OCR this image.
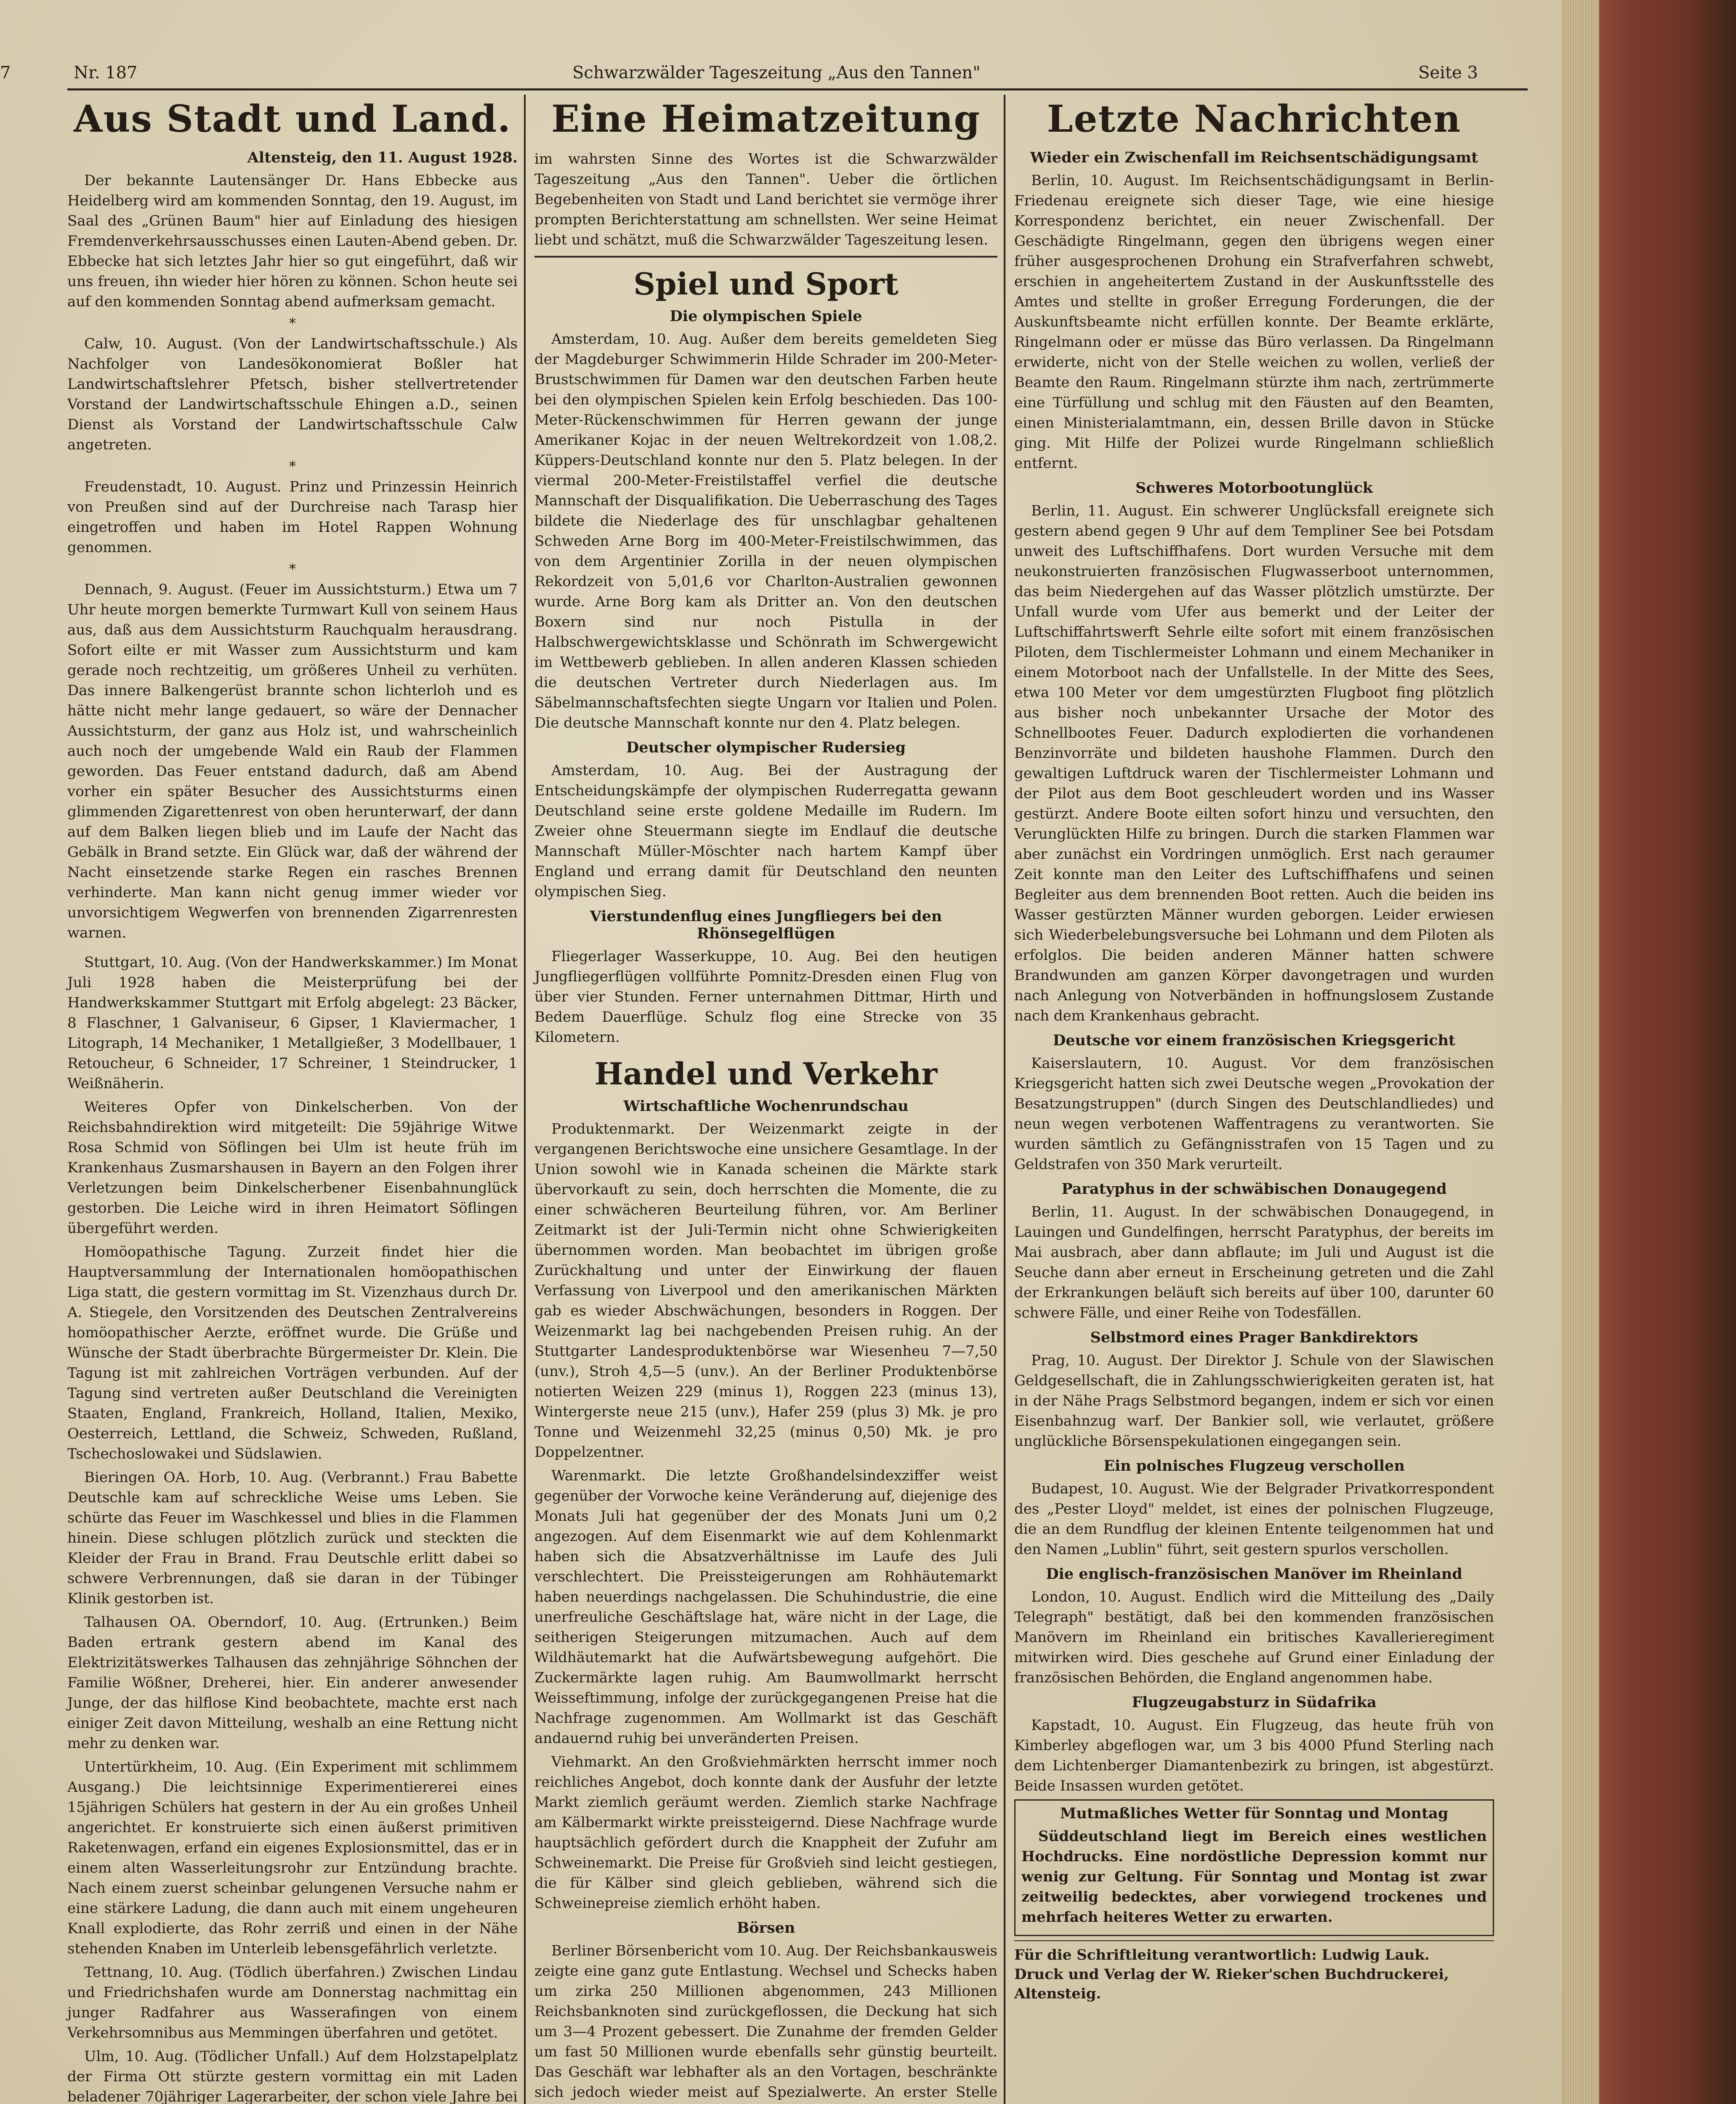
7	Nr. 187	Schwarzwälder Tageszeitung „Aus den Tannen"	Seite 3
Aus Stadt und Land.
Altensteig, den 11. August 1928.

Der bekannte Lautensänger Dr. Hans Ebbecke aus Heidelberg wird am kommenden Sonntag, den 19. August, im Saal des „Grünen Baum" hier auf Einladung des hiesigen Fremdenverkehrsausschusses einen Lauten-Abend geben. Dr. Ebbecke hat sich letztes Jahr hier so gut eingeführt, daß wir uns freuen, ihn wieder hier hören zu können. Schon heute sei auf den kommenden Sonntag abend aufmerksam gemacht.

*

Calw, 10. August. (Von der Landwirtschaftsschule.) Als Nachfolger von Landesökonomierat Boßler hat Landwirtschaftslehrer Pfetsch, bisher stellvertretender Vorstand der Landwirtschaftsschule Ehingen a.D., seinen Dienst als Vorstand der Landwirtschaftsschule Calw angetreten.

*

Freudenstadt, 10. August. Prinz und Prinzessin Heinrich von Preußen sind auf der Durchreise nach Tarasp hier eingetroffen und haben im Hotel Rappen Wohnung genommen.

*

Dennach, 9. August. (Feuer im Aussichtsturm.) Etwa um 7 Uhr heute morgen bemerkte Turmwart Kull von seinem Haus aus, daß aus dem Aussichtsturm Rauchqualm herausdrang. Sofort eilte er mit Wasser zum Aussichtsturm und kam gerade noch rechtzeitig, um größeres Unheil zu verhüten. Das innere Balkengerüst brannte schon lichterloh und es hätte nicht mehr lange gedauert, so wäre der Dennacher Aussichtsturm, der ganz aus Holz ist, und wahrscheinlich auch noch der umgebende Wald ein Raub der Flammen geworden. Das Feuer entstand dadurch, daß am Abend vorher ein später Besucher des Aussichtsturms einen glimmenden Zigarettenrest von oben herunterwarf, der dann auf dem Balken liegen blieb und im Laufe der Nacht das Gebälk in Brand setzte. Ein Glück war, daß der während der Nacht einsetzende starke Regen ein rasches Brennen verhinderte. Man kann nicht genug immer wieder vor unvorsichtigem Wegwerfen von brennenden Zigarrenresten warnen.

Stuttgart, 10. Aug. (Von der Handwerkskammer.) Im Monat Juli 1928 haben die Meisterprüfung bei der Handwerkskammer Stuttgart mit Erfolg abgelegt: 23 Bäcker, 8 Flaschner, 1 Galvaniseur, 6 Gipser, 1 Klaviermacher, 1 Litograph, 14 Mechaniker, 1 Metallgießer, 3 Modellbauer, 1 Retoucheur, 6 Schneider, 17 Schreiner, 1 Steindrucker, 1 Weißnäherin.

Weiteres Opfer von Dinkelscherben. Von der Reichsbahndirektion wird mitgeteilt: Die 59jährige Witwe Rosa Schmid von Söflingen bei Ulm ist heute früh im Krankenhaus Zusmarshausen in Bayern an den Folgen ihrer Verletzungen beim Dinkelscherbener Eisenbahnunglück gestorben. Die Leiche wird in ihren Heimatort Söflingen übergeführt werden.

Homöopathische Tagung. Zurzeit findet hier die Hauptversammlung der Internationalen homöopathischen Liga statt, die gestern vormittag im St. Vizenzhaus durch Dr. A. Stiegele, den Vorsitzenden des Deutschen Zentralvereins homöopathischer Aerzte, eröffnet wurde. Die Grüße und Wünsche der Stadt überbrachte Bürgermeister Dr. Klein. Die Tagung ist mit zahlreichen Vorträgen verbunden. Auf der Tagung sind vertreten außer Deutschland die Vereinigten Staaten, England, Frankreich, Holland, Italien, Mexiko, Oesterreich, Lettland, die Schweiz, Schweden, Rußland, Tschechoslowakei und Südslawien.

Bieringen OA. Horb, 10. Aug. (Verbrannt.) Frau Babette Deutschle kam auf schreckliche Weise ums Leben. Sie schürte das Feuer im Waschkessel und blies in die Flammen hinein. Diese schlugen plötzlich zurück und steckten die Kleider der Frau in Brand. Frau Deutschle erlitt dabei so schwere Verbrennungen, daß sie daran in der Tübinger Klinik gestorben ist.

Talhausen OA. Oberndorf, 10. Aug. (Ertrunken.) Beim Baden ertrank gestern abend im Kanal des Elektrizitätswerkes Talhausen das zehnjährige Söhnchen der Familie Wößner, Dreherei, hier. Ein anderer anwesender Junge, der das hilflose Kind beobachtete, machte erst nach einiger Zeit davon Mitteilung, weshalb an eine Rettung nicht mehr zu denken war.

Untertürkheim, 10. Aug. (Ein Experiment mit schlimmem Ausgang.) Die leichtsinnige Experimentiererei eines 15jährigen Schülers hat gestern in der Au ein großes Unheil angerichtet. Er konstruierte sich einen äußerst primitiven Raketenwagen, erfand ein eigenes Explosionsmittel, das er in einem alten Wasserleitungsrohr zur Entzündung brachte. Nach einem zuerst scheinbar gelungenen Versuche nahm er eine stärkere Ladung, die dann auch mit einem ungeheuren Knall explodierte, das Rohr zerriß und einen in der Nähe stehenden Knaben im Unterleib lebensgefährlich verletzte.

Tettnang, 10. Aug. (Tödlich überfahren.) Zwischen Lindau und Friedrichshafen wurde am Donnerstag nachmittag ein junger Radfahrer aus Wasserafingen von einem Verkehrsomnibus aus Memmingen überfahren und getötet.

Ulm, 10. Aug. (Tödlicher Unfall.) Auf dem Holzstapelplatz der Firma Ott stürzte gestern vormittag ein mit Laden beladener 70jähriger Lagerarbeiter, der schon viele Jahre bei

Eine Heimatzeitung

im wahrsten Sinne des Wortes ist die Schwarzwälder Tageszeitung „Aus den Tannen". Ueber die örtlichen Begebenheiten von Stadt und Land berichtet sie vermöge ihrer prompten Berichterstattung am schnellsten. Wer seine Heimat liebt und schätzt, muß die Schwarzwälder Tageszeitung lesen.

Spiel und Sport
Die olympischen Spiele

Amsterdam, 10. Aug. Außer dem bereits gemeldeten Sieg der Magdeburger Schwimmerin Hilde Schrader im 200-Meter-Brustschwimmen für Damen war den deutschen Farben heute bei den olympischen Spielen kein Erfolg beschieden. Das 100-Meter-Rückenschwimmen für Herren gewann der junge Amerikaner Kojac in der neuen Weltrekordzeit von 1.08,2. Küppers-Deutschland konnte nur den 5. Platz belegen. In der viermal 200-Meter-Freistilstaffel verfiel die deutsche Mannschaft der Disqualifikation. Die Ueberraschung des Tages bildete die Niederlage des für unschlagbar gehaltenen Schweden Arne Borg im 400-Meter-Freistilschwimmen, das von dem Argentinier Zorilla in der neuen olympischen Rekordzeit von 5,01,6 vor Charlton-Australien gewonnen wurde. Arne Borg kam als Dritter an. Von den deutschen Boxern sind nur noch Pistulla in der Halbschwergewichtsklasse und Schönrath im Schwergewicht im Wettbewerb geblieben. In allen anderen Klassen schieden die deutschen Vertreter durch Niederlagen aus. Im Säbelmannschaftsfechten siegte Ungarn vor Italien und Polen. Die deutsche Mannschaft konnte nur den 4. Platz belegen.

Deutscher olympischer Rudersieg

Amsterdam, 10. Aug. Bei der Austragung der Entscheidungskämpfe der olympischen Ruderregatta gewann Deutschland seine erste goldene Medaille im Rudern. Im Zweier ohne Steuermann siegte im Endlauf die deutsche Mannschaft Müller-Möschter nach hartem Kampf über England und errang damit für Deutschland den neunten olympischen Sieg.

Vierstundenflug eines Jungfliegers bei den Rhönsegelflügen

Fliegerlager Wasserkuppe, 10. Aug. Bei den heutigen Jungfliegerflügen vollführte Pomnitz-Dresden einen Flug von über vier Stunden. Ferner unternahmen Dittmar, Hirth und Bedem Dauerflüge. Schulz flog eine Strecke von 35 Kilometern.

Handel und Verkehr
Wirtschaftliche Wochenrundschau

Produktenmarkt. Der Weizenmarkt zeigte in der vergangenen Berichtswoche eine unsichere Gesamtlage. In der Union sowohl wie in Kanada scheinen die Märkte stark übervorkauft zu sein, doch herrschten die Momente, die zu einer schwächeren Beurteilung führen, vor. Am Berliner Zeitmarkt ist der Juli-Termin nicht ohne Schwierigkeiten übernommen worden. Man beobachtet im übrigen große Zurückhaltung und unter der Einwirkung der flauen Verfassung von Liverpool und den amerikanischen Märkten gab es wieder Abschwächungen, besonders in Roggen. Der Weizenmarkt lag bei nachgebenden Preisen ruhig. An der Stuttgarter Landesproduktenbörse war Wiesenheu 7—7,50 (unv.), Stroh 4,5—5 (unv.). An der Berliner Produktenbörse notierten Weizen 229 (minus 1), Roggen 223 (minus 13), Wintergerste neue 215 (unv.), Hafer 259 (plus 3) Mk. je pro Tonne und Weizenmehl 32,25 (minus 0,50) Mk. je pro Doppelzentner.

Warenmarkt. Die letzte Großhandelsindexziffer weist gegenüber der Vorwoche keine Veränderung auf, diejenige des Monats Juli hat gegenüber der des Monats Juni um 0,2 angezogen. Auf dem Eisenmarkt wie auf dem Kohlenmarkt haben sich die Absatzverhältnisse im Laufe des Juli verschlechtert. Die Preissteigerungen am Rohhäutemarkt haben neuerdings nachgelassen. Die Schuhindustrie, die eine unerfreuliche Geschäftslage hat, wäre nicht in der Lage, die seitherigen Steigerungen mitzumachen. Auch auf dem Wildhäutemarkt hat die Aufwärtsbewegung aufgehört. Die Zuckermärkte lagen ruhig. Am Baumwollmarkt herrscht Weisseftimmung, infolge der zurückgegangenen Preise hat die Nachfrage zugenommen. Am Wollmarkt ist das Geschäft andauernd ruhig bei unveränderten Preisen.

Viehmarkt. An den Großviehmärkten herrscht immer noch reichliches Angebot, doch konnte dank der Ausfuhr der letzte Markt ziemlich geräumt werden. Ziemlich starke Nachfrage am Kälbermarkt wirkte preissteigernd. Diese Nachfrage wurde hauptsächlich gefördert durch die Knappheit der Zufuhr am Schweinemarkt. Die Preise für Großvieh sind leicht gestiegen, die für Kälber sind gleich geblieben, während sich die Schweinepreise ziemlich erhöht haben.

Börsen

Berliner Börsenbericht vom 10. Aug. Der Reichsbankausweis zeigte eine ganz gute Entlastung. Wechsel und Schecks haben um zirka 250 Millionen abgenommen, 243 Millionen Reichsbanknoten sind zurückgeflossen, die Deckung hat sich um 3—4 Prozent gebessert. Die Zunahme der fremden Gelder um fast 50 Millionen wurde ebenfalls sehr günstig beurteilt. Das Geschäft war lebhafter als an den Vortagen, beschränkte sich jedoch wieder meist auf Spezialwerte. An erster Stelle

Letzte Nachrichten
Wieder ein Zwischenfall im Reichsentschädigungsamt

Berlin, 10. August. Im Reichsentschädigungsamt in Berlin-Friedenau ereignete sich dieser Tage, wie eine hiesige Korrespondenz berichtet, ein neuer Zwischenfall. Der Geschädigte Ringelmann, gegen den übrigens wegen einer früher ausgesprochenen Drohung ein Strafverfahren schwebt, erschien in angeheitertem Zustand in der Auskunftsstelle des Amtes und stellte in großer Erregung Forderungen, die der Auskunftsbeamte nicht erfüllen konnte. Der Beamte erklärte, Ringelmann oder er müsse das Büro verlassen. Da Ringelmann erwiderte, nicht von der Stelle weichen zu wollen, verließ der Beamte den Raum. Ringelmann stürzte ihm nach, zertrümmerte eine Türfüllung und schlug mit den Fäusten auf den Beamten, einen Ministerialamtmann, ein, dessen Brille davon in Stücke ging. Mit Hilfe der Polizei wurde Ringelmann schließlich entfernt.

Schweres Motorbootunglück

Berlin, 11. August. Ein schwerer Unglücksfall ereignete sich gestern abend gegen 9 Uhr auf dem Templiner See bei Potsdam unweit des Luftschiffhafens. Dort wurden Versuche mit dem neukonstruierten französischen Flugwasserboot unternommen, das beim Niedergehen auf das Wasser plötzlich umstürzte. Der Unfall wurde vom Ufer aus bemerkt und der Leiter der Luftschiffahrtswerft Sehrle eilte sofort mit einem französischen Piloten, dem Tischlermeister Lohmann und einem Mechaniker in einem Motorboot nach der Unfallstelle. In der Mitte des Sees, etwa 100 Meter vor dem umgestürzten Flugboot fing plötzlich aus bisher noch unbekannter Ursache der Motor des Schnellbootes Feuer. Dadurch explodierten die vorhandenen Benzinvorräte und bildeten haushohe Flammen. Durch den gewaltigen Luftdruck waren der Tischlermeister Lohmann und der Pilot aus dem Boot geschleudert worden und ins Wasser gestürzt. Andere Boote eilten sofort hinzu und versuchten, den Verunglückten Hilfe zu bringen. Durch die starken Flammen war aber zunächst ein Vordringen unmöglich. Erst nach geraumer Zeit konnte man den Leiter des Luftschiffhafens und seinen Begleiter aus dem brennenden Boot retten. Auch die beiden ins Wasser gestürzten Männer wurden geborgen. Leider erwiesen sich Wiederbelebungsversuche bei Lohmann und dem Piloten als erfolglos. Die beiden anderen Männer hatten schwere Brandwunden am ganzen Körper davongetragen und wurden nach Anlegung von Notverbänden in hoffnungslosem Zustande nach dem Krankenhaus gebracht.

Deutsche vor einem französischen Kriegsgericht

Kaiserslautern, 10. August. Vor dem französischen Kriegsgericht hatten sich zwei Deutsche wegen „Provokation der Besatzungstruppen" (durch Singen des Deutschlandliedes) und neun wegen verbotenen Waffentragens zu verantworten. Sie wurden sämtlich zu Gefängnisstrafen von 15 Tagen und zu Geldstrafen von 350 Mark verurteilt.

Paratyphus in der schwäbischen Donaugegend

Berlin, 11. August. In der schwäbischen Donaugegend, in Lauingen und Gundelfingen, herrscht Paratyphus, der bereits im Mai ausbrach, aber dann abflaute; im Juli und August ist die Seuche dann aber erneut in Erscheinung getreten und die Zahl der Erkrankungen beläuft sich bereits auf über 100, darunter 60 schwere Fälle, und einer Reihe von Todesfällen.

Selbstmord eines Prager Bankdirektors

Prag, 10. August. Der Direktor J. Schule von der Slawischen Geldgesellschaft, die in Zahlungsschwierigkeiten geraten ist, hat in der Nähe Prags Selbstmord begangen, indem er sich vor einen Eisenbahnzug warf. Der Bankier soll, wie verlautet, größere unglückliche Börsenspekulationen eingegangen sein.

Ein polnisches Flugzeug verschollen

Budapest, 10. August. Wie der Belgrader Privatkorrespondent des „Pester Lloyd" meldet, ist eines der polnischen Flugzeuge, die an dem Rundflug der kleinen Entente teilgenommen hat und den Namen „Lublin" führt, seit gestern spurlos verschollen.

Die englisch-französischen Manöver im Rheinland

London, 10. August. Endlich wird die Mitteilung des „Daily Telegraph" bestätigt, daß bei den kommenden französischen Manövern im Rheinland ein britisches Kavallerieregiment mitwirken wird. Dies geschehe auf Grund einer Einladung der französischen Behörden, die England angenommen habe.

Flugzeugabsturz in Südafrika

Kapstadt, 10. August. Ein Flugzeug, das heute früh von Kimberley abgeflogen war, um 3 bis 4000 Pfund Sterling nach dem Lichtenberger Diamantenbezirk zu bringen, ist abgestürzt. Beide Insassen wurden getötet.

Mutmaßliches Wetter für Sonntag und Montag

Süddeutschland liegt im Bereich eines westlichen Hochdrucks. Eine nordöstliche Depression kommt nur wenig zur Geltung. Für Sonntag und Montag ist zwar zeitweilig bedecktes, aber vorwiegend trockenes und mehrfach heiteres Wetter zu erwarten.

Für die Schriftleitung verantwortlich: Ludwig Lauk.
Druck und Verlag der W. Rieker'schen Buchdruckerei, Altensteig.
